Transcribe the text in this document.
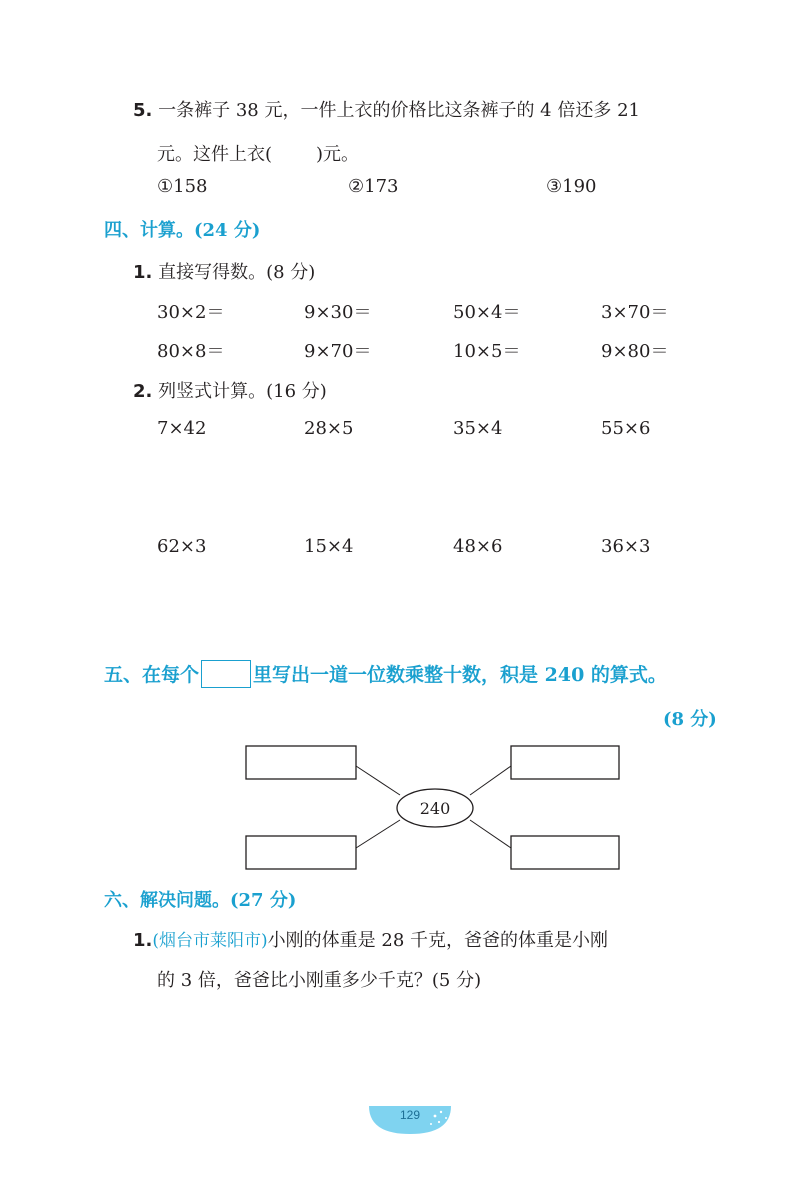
5. 一条裤子 38 元，一件上衣的价格比这条裤子的 4 倍还多 21
元。这件上衣( )元。
①158	②173	③190
四、计算。(24 分)
1. 直接写得数。(8 分)
30×2＝	9×30＝	50×4＝	3×70＝
80×8＝	9×70＝	10×5＝	9×80＝
2. 列竖式计算。(16 分)
7×42	28×5	35×4	55×6
62×3	15×4	48×6	36×3
五、在每个	里写出一道一位数乘整十数，积是 240 的算式。
(8 分)
240
六、解决问题。(27 分)
1.(烟台市莱阳市)小刚的体重是 28 千克，爸爸的体重是小刚
的 3 倍，爸爸比小刚重多少千克？(5 分)
129
